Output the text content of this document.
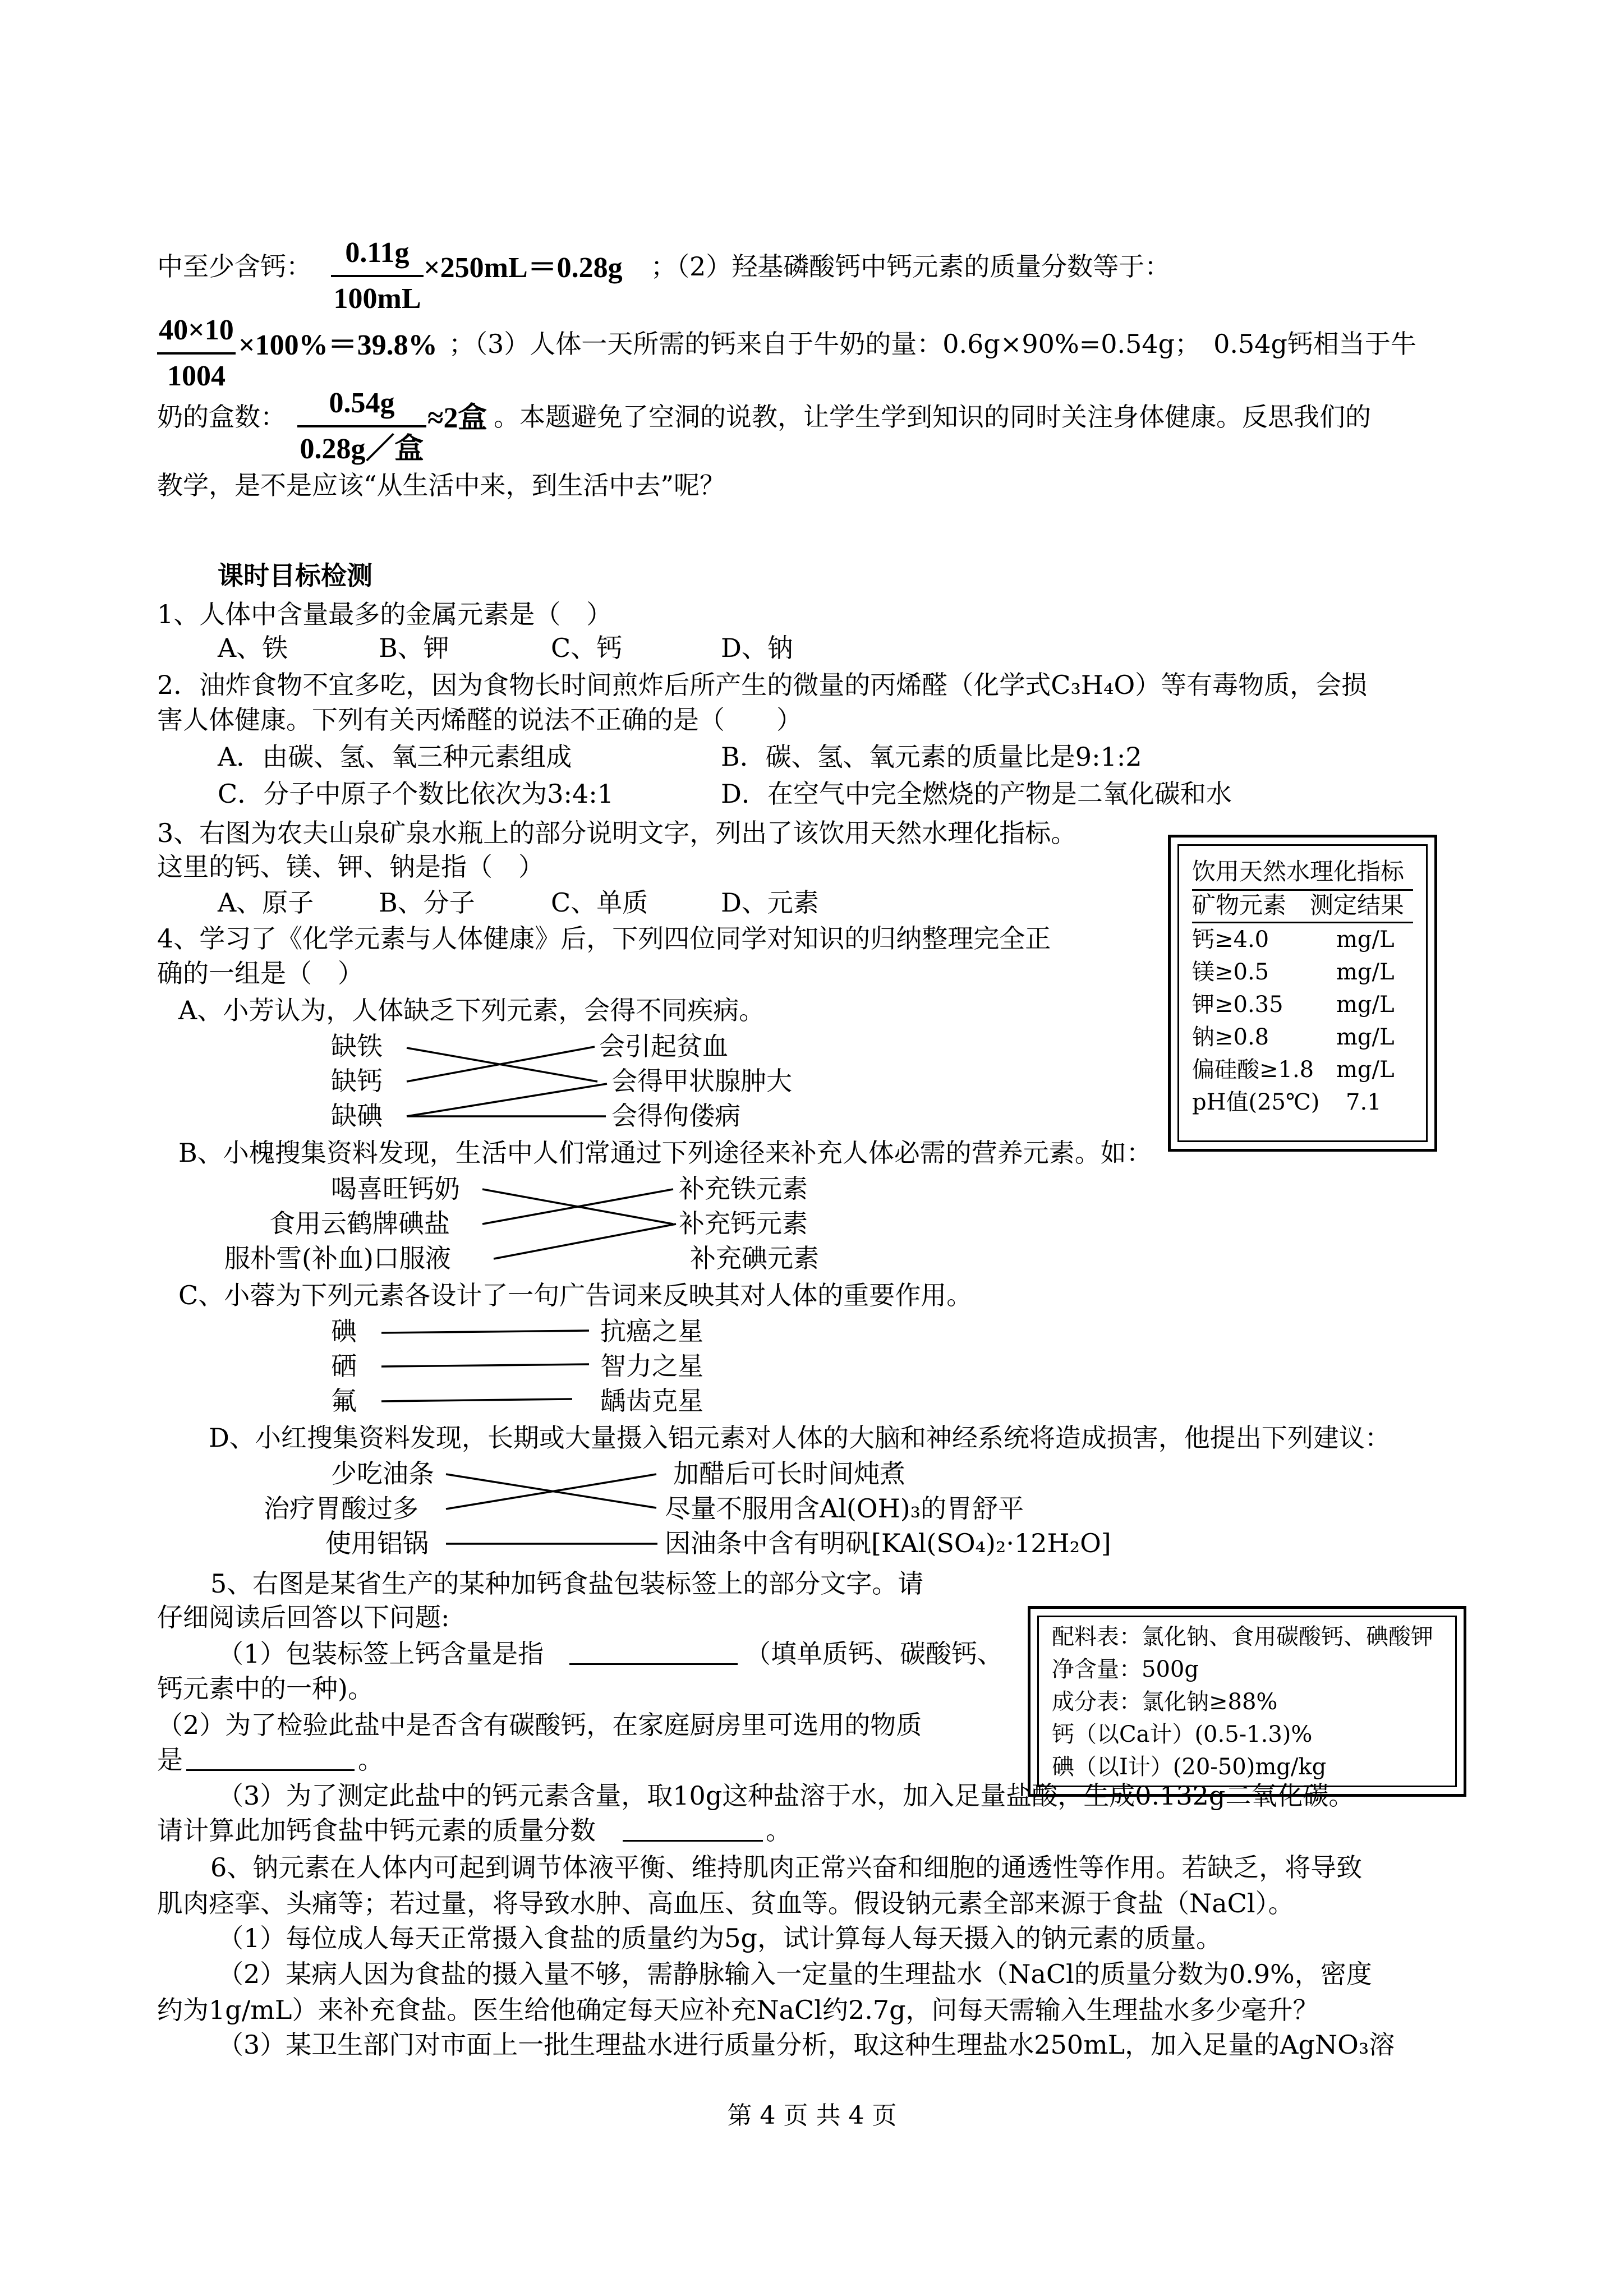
中至少含钙：	0.11g
100mL
×250mL＝0.28g ；（2）羟基磷酸钙中钙元素的质量分数等于：
40×10
1004
×100%＝39.8% ；（3）人体一天所需的钙来自于牛奶的量：0.6g×90%=0.54g；　0.54g钙相当于牛
奶的盒数：	0.54g
0.28g／盒
≈2盒 。本题避免了空洞的说教，让学生学到知识的同时关注身体健康。反思我们的
教学，是不是应该“从生活中来，到生活中去”呢？
课时目标检测
1、人体中含量最多的金属元素是（　）
A、铁	B、钾	C、钙	D、钠
2．油炸食物不宜多吃，因为食物长时间煎炸后所产生的微量的丙烯醛（化学式C₃H₄O）等有毒物质，会损
害人体健康。下列有关丙烯醛的说法不正确的是（　　）
A．由碳、氢、氧三种元素组成	B．碳、氢、氧元素的质量比是9:1:2
C．分子中原子个数比依次为3:4:1	D．在空气中完全燃烧的产物是二氧化碳和水
3、右图为农夫山泉矿泉水瓶上的部分说明文字，列出了该饮用天然水理化指标。
这里的钙、镁、钾、钠是指（　）
A、原子	B、分子	C、单质	D、元素
饮用天然水理化指标
矿物元素　测定结果
钙≥4.0	mg/L
镁≥0.5	mg/L
钾≥0.35 mg/L
钠≥0.8	mg/L
偏硅酸≥1.8 mg/L
pH值(25℃) 7.1
4、学习了《化学元素与人体健康》后，下列四位同学对知识的归纳整理完全正
确的一组是（　）
A、小芳认为，人体缺乏下列元素，会得不同疾病。
缺铁
缺钙
缺碘
会引起贫血
会得甲状腺肿大
会得佝偻病
B、小槐搜集资料发现，生活中人们常通过下列途径来补充人体必需的营养元素。如：
喝喜旺钙奶
食用云鹤牌碘盐
服朴雪(补血)口服液
补充铁元素
补充钙元素
补充碘元素
C、小蓉为下列元素各设计了一句广告词来反映其对人体的重要作用。
碘
硒
氟
抗癌之星
智力之星
龋齿克星
D、小红搜集资料发现，长期或大量摄入铝元素对人体的大脑和神经系统将造成损害，他提出下列建议：
少吃油条
治疗胃酸过多
使用铝锅
加醋后可长时间炖煮
尽量不服用含Al(OH)₃的胃舒平
因油条中含有明矾[KAl(SO₄)₂·12H₂O]
5、右图是某省生产的某种加钙食盐包装标签上的部分文字。请
仔细阅读后回答以下问题:
（1）包装标签上钙含量是指	（填单质钙、碳酸钙、
钙元素中的一种)。
（2）为了检验此盐中是否含有碳酸钙，在家庭厨房里可选用的物质
是	。
（3）为了测定此盐中的钙元素含量，取10g这种盐溶于水，加入足量盐酸，生成0.132g二氧化碳。
请计算此加钙食盐中钙元素的质量分数	。
配料表：氯化钠、食用碳酸钙、碘酸钾
净含量：500g
成分表：氯化钠≥88%
钙（以Ca计）(0.5-1.3)%
碘（以I计）(20-50)mg/kg
6、钠元素在人体内可起到调节体液平衡、维持肌肉正常兴奋和细胞的通透性等作用。若缺乏，将导致
肌肉痉挛、头痛等；若过量，将导致水肿、高血压、贫血等。假设钠元素全部来源于食盐（NaCl）。
（1）每位成人每天正常摄入食盐的质量约为5g，试计算每人每天摄入的钠元素的质量。
（2）某病人因为食盐的摄入量不够，需静脉输入一定量的生理盐水（NaCl的质量分数为0.9%，密度
约为1g/mL）来补充食盐。医生给他确定每天应补充NaCl约2.7g，问每天需输入生理盐水多少毫升？
（3）某卫生部门对市面上一批生理盐水进行质量分析，取这种生理盐水250mL，加入足量的AgNO₃溶
第 4 页 共 4 页
